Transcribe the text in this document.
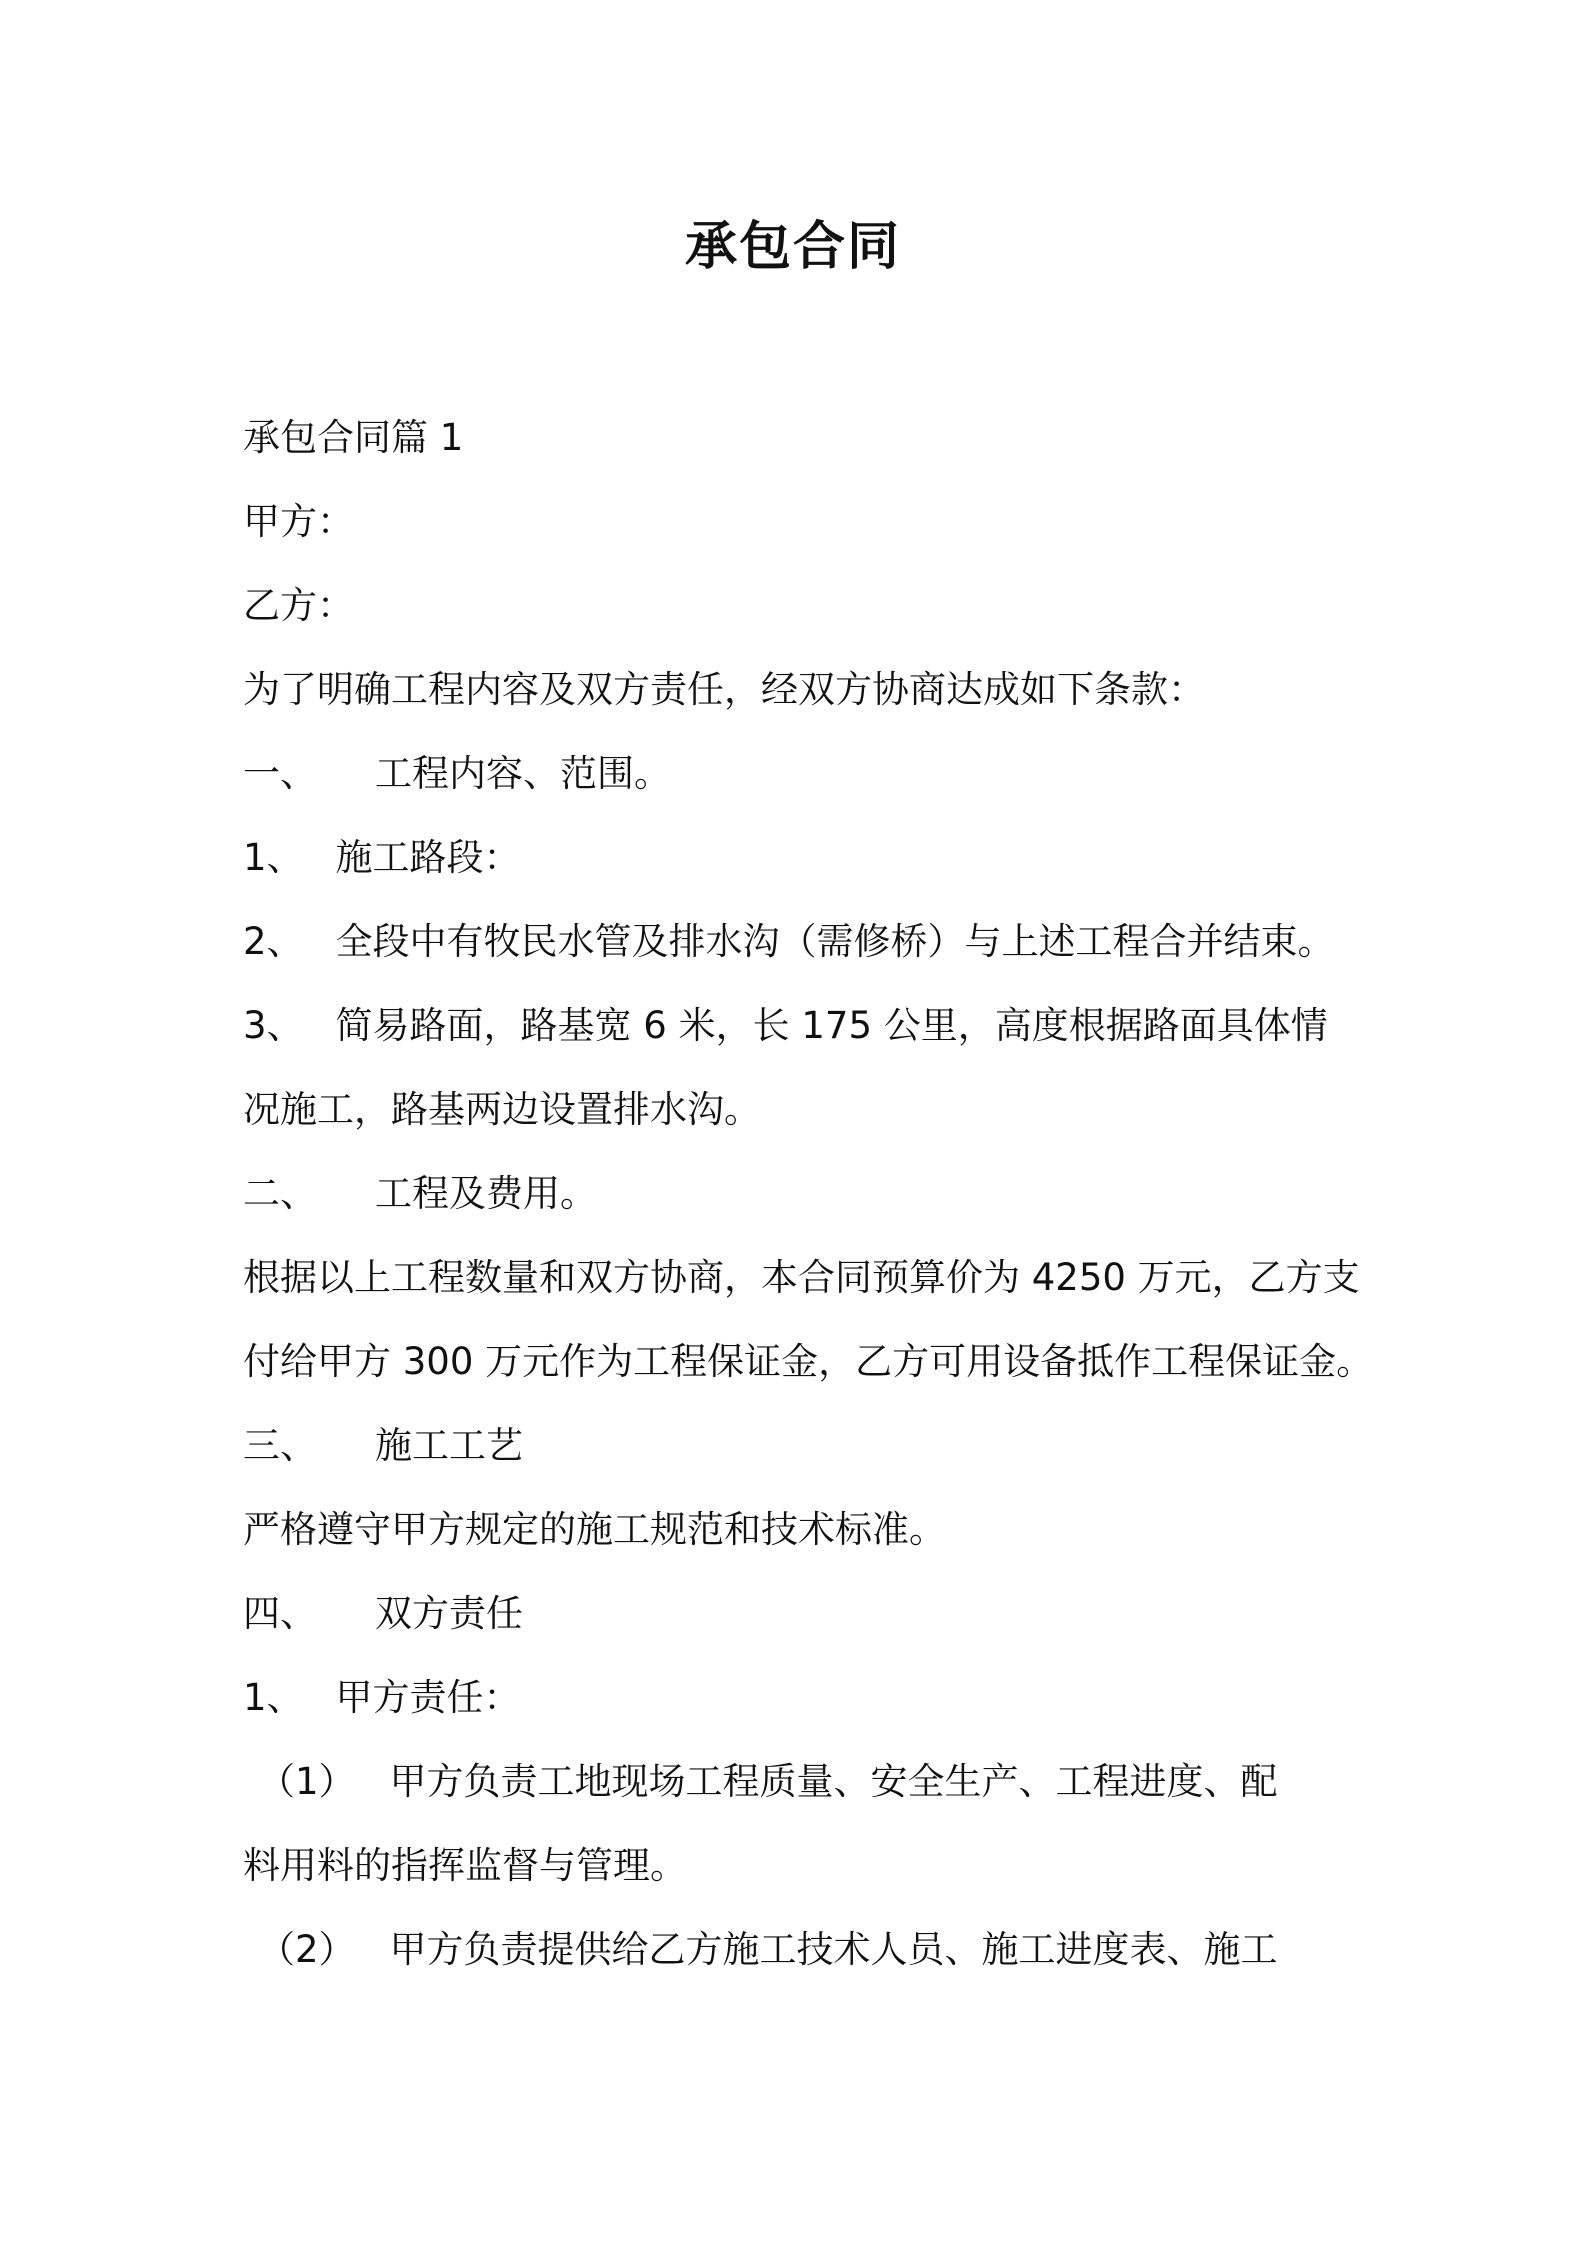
承包合同
承包合同篇 1
甲方：
乙方：
为了明确工程内容及双方责任，经双方协商达成如下条款：
一、 工程内容、范围。
1、 施工路段：
2、 全段中有牧民水管及排水沟（需修桥）与上述工程合并结束。
3、 简易路面，路基宽 6 米，长 175 公里，高度根据路面具体情
况施工，路基两边设置排水沟。
二、 工程及费用。
根据以上工程数量和双方协商，本合同预算价为 4250 万元，乙方支
付给甲方 300 万元作为工程保证金，乙方可用设备抵作工程保证金。
三、 施工工艺
严格遵守甲方规定的施工规范和技术标准。
四、 双方责任
1、 甲方责任：
（1） 甲方负责工地现场工程质量、安全生产、工程进度、配
料用料的指挥监督与管理。
（2） 甲方负责提供给乙方施工技术人员、施工进度表、施工
